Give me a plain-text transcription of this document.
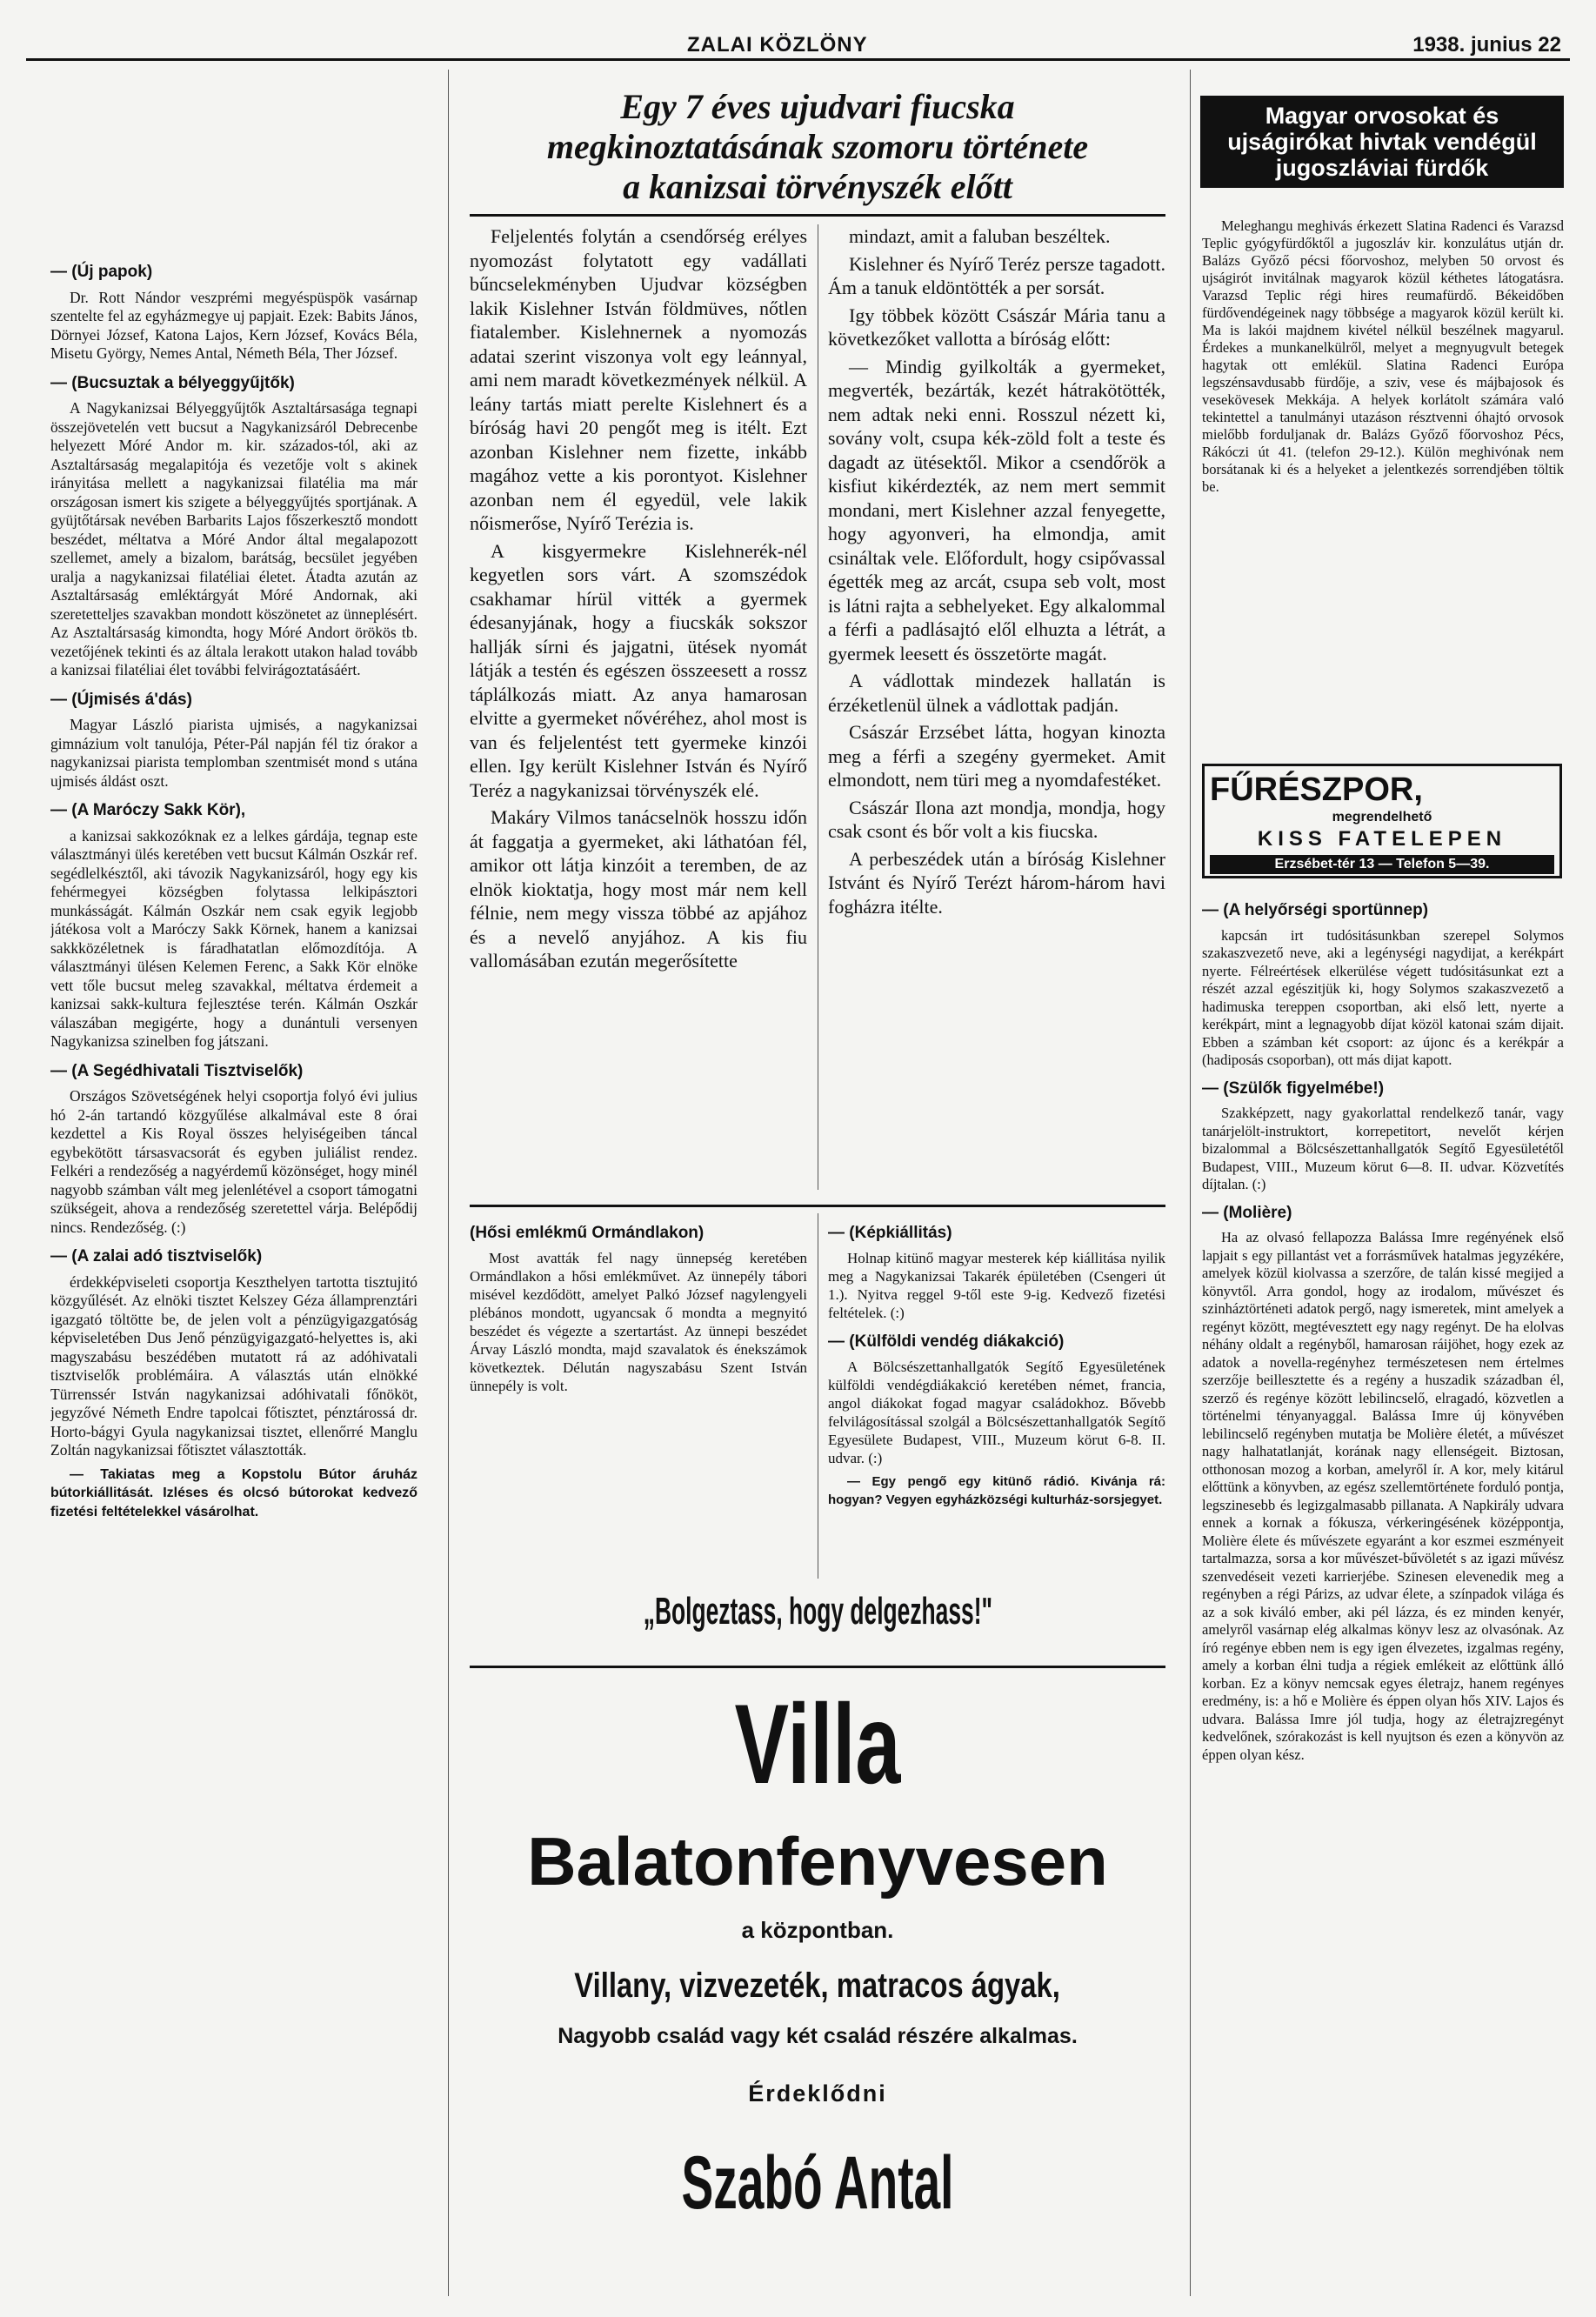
ZALAI KÖZLÖNY	1938. junius 22
— (Új papok)

Dr. Rott Nándor veszprémi megyéspüspök vasárnap szentelte fel az egyházmegye uj papjait. Ezek: Babits János, Dörnyei József, Katona Lajos, Kern József, Kovács Béla, Misetu György, Nemes Antal, Németh Béla, Ther József.

— (Bucsuztak a bélyeggyűjtők)

A Nagykanizsai Bélyeggyűjtők Asztaltársasága tegnapi összejövetelén vett bucsut a Nagykanizsáról Debrecenbe helyezett Móré Andor m. kir. százados-tól, aki az Asztaltársaság megalapitója és vezetője volt s akinek irányitása mellett a nagykanizsai filatélia ma már országosan ismert kis szigete a bélyeggyűjtés sportjának. A gyüjtőtársak nevében Barbarits Lajos főszerkesztő mondott beszédet, méltatva a Móré Andor által megalapozott szellemet, amely a bizalom, barátság, becsület jegyében uralja a nagykanizsai filatéliai életet. Átadta azután az Asztaltársaság emléktárgyát Móré Andornak, aki szeretetteljes szavakban mondott köszönetet az ünneplésért. Az Asztaltársaság kimondta, hogy Móré Andort örökös tb. vezetőjének tekinti és az általa lerakott utakon halad tovább a kanizsai filatéliai élet további felvirágoztatásáért.

— (Újmisés á'dás)

Magyar László piarista ujmisés, a nagykanizsai gimnázium volt tanulója, Péter-Pál napján fél tiz órakor a nagykanizsai piarista templomban szentmisét mond s utána ujmisés áldást oszt.

— (A Maróczy Sakk Kör),

a kanizsai sakkozóknak ez a lelkes gárdája, tegnap este választmányi ülés keretében vett bucsut Kálmán Oszkár ref. segédlelkésztől, aki távozik Nagykanizsáról, hogy egy kis fehérmegyei községben folytassa lelkipásztori munkásságát. Kálmán Oszkár nem csak egyik legjobb játékosa volt a Maróczy Sakk Körnek, hanem a kanizsai sakkközéletnek is fáradhatatlan előmozdítója. A választmányi ülésen Kelemen Ferenc, a Sakk Kör elnöke vett tőle bucsut meleg szavakkal, méltatva érdemeit a kanizsai sakk-kultura fejlesztése terén. Kálmán Oszkár válaszában megigérte, hogy a dunántuli versenyen Nagykanizsa szinelben fog játszani.

— (A Segédhivatali Tisztviselők)

Országos Szövetségének helyi csoportja folyó évi julius hó 2-án tartandó közgyűlése alkalmával este 8 órai kezdettel a Kis Royal összes helyiségeiben táncal egybekötött társasvacsorát és egyben juliálist rendez. Felkéri a rendezőség a nagyérdemű közönséget, hogy minél nagyobb számban vált meg jelenlétével a csoport támogatni szükségeit, ahova a rendezőség szeretettel várja. Belépődij nincs. Rendezőség. (:)

— (A zalai adó tisztviselők)

érdekképviseleti csoportja Keszthelyen tartotta tisztujitó közgyűlését. Az elnöki tisztet Kelszey Géza államprenztári igazgató töltötte be, de jelen volt a pénzügyigazgatóság képviseletében Dus Jenő pénzügyigazgató-helyettes is, aki magyszabásu beszédében mutatott rá az adóhivatali tisztviselők problémáira. A választás után elnökké Türrenssér István nagykanizsai adóhivatali főnököt, jegyzővé Németh Endre tapolcai főtisztet, pénztárossá dr. Horto-bágyi Gyula nagykanizsai tisztet, ellenőrré Manglu Zoltán nagykanizsai főtisztet választották.

— Takiatas meg a Kopstolu Bútor áruház bútorkiállitását. Izléses és olcsó bútorokat kedvező fizetési feltételekkel vásárolhat.

Egy 7 éves ujudvari fiucska
megkinoztatásának szomoru története
a kanizsai törvényszék előtt

Feljelentés folytán a csendőrség erélyes nyomozást folytatott egy vadállati bűncselekményben Ujudvar községben lakik Kislehner István földmüves, nőtlen fiatalember. Kislehnernek a nyomozás adatai szerint viszonya volt egy leánnyal, ami nem maradt következmények nélkül. A leány tartás miatt perelte Kislehnert és a bíróság havi 20 pengőt meg is itélt. Ezt azonban Kislehner nem fizette, inkább magához vette a kis porontyot. Kislehner azonban nem él egyedül, vele lakik nőismerőse, Nyírő Terézia is.

A kisgyermekre Kislehnerék-nél kegyetlen sors várt. A szomszédok csakhamar hírül vitték a gyermek édesanyjának, hogy a fiucskák sokszor hallják sírni és jajgatni, ütések nyomát látják a testén és egészen összeesett a rossz táplálkozás miatt. Az anya hamarosan elvitte a gyermeket nővéréhez, ahol most is van és feljelentést tett gyermeke kinzói ellen. Igy került Kislehner István és Nyírő Teréz a nagykanizsai törvényszék elé.

Makáry Vilmos tanácselnök hosszu időn át faggatja a gyermeket, aki láthatóan fél, amikor ott látja kinzóit a teremben, de az elnök kioktatja, hogy most már nem kell félnie, nem megy vissza többé az apjához és a nevelő anyjához. A kis fiu vallomásában ezután megerősítette

mindazt, amit a faluban beszéltek.

Kislehner és Nyírő Teréz persze tagadott. Ám a tanuk eldöntötték a per sorsát.

Igy többek között Császár Mária tanu a következőket vallotta a bíróság előtt:

— Mindig gyilkolták a gyermeket, megverték, bezárták, kezét hátrakötötték, nem adtak neki enni. Rosszul nézett ki, sovány volt, csupa kék-zöld folt a teste és dagadt az ütésektől. Mikor a csendőrök a kisfiut kikérdezték, az nem mert semmit mondani, mert Kislehner azzal fenyegette, hogy agyonveri, ha elmondja, amit csináltak vele. Előfordult, hogy csipővassal égették meg az arcát, csupa seb volt, most is látni rajta a sebhelyeket. Egy alkalommal a férfi a padlásajtó elől elhuzta a létrát, a gyermek leesett és összetörte magát.

A vádlottak mindezek hallatán is érzéketlenül ülnek a vádlottak padján.

Császár Erzsébet látta, hogyan kinozta meg a férfi a szegény gyermeket. Amit elmondott, nem türi meg a nyomdafestéket.

Császár Ilona azt mondja, mondja, hogy csak csont és bőr volt a kis fiucska.

A perbeszédek után a bíróság Kislehner Istvánt és Nyírő Terézt három-három havi fogházra itélte.

(Hősi emlékmű Ormándlakon)

Most avatták fel nagy ünnepség keretében Ormándlakon a hősi emlékművet. Az ünnepély tábori misével kezdődött, amelyet Palkó József nagylengyeli plébános mondott, ugyancsak ő mondta a megnyitó beszédet és végezte a szertartást. Az ünnepi beszédet Árvay László mondta, majd szavalatok és énekszámok következtek. Délután nagyszabásu Szent István ünnepély is volt.

— (Képkiállitás)

Holnap kitünő magyar mesterek kép kiállitása nyilik meg a Nagykanizsai Takarék épületében (Csengeri út 1.). Nyitva reggel 9-től este 9-ig. Kedvező fizetési feltételek. (:)

— (Külföldi vendég diákakció)

A Bölcsészettanhallgatók Segítő Egyesületének külföldi vendégdiákakció keretében német, francia, angol diákokat fogad magyar családokhoz. Bővebb felvilágosítással szolgál a Bölcsészettanhallgatók Segítő Egyesülete Budapest, VIII., Muzeum körut 6-8. II. udvar. (:)

— Egy pengő egy kitünő rádió. Kivánja rá: hogyan? Vegyen egyházközségi kulturház-sorsjegyet.

„Bolgeztass, hogy delgezhass!"
Villa
Balatonfenyvesen
a központban.
Villany, vizvezeték, matracos ágyak,
Nagyobb család vagy két család részére alkalmas.
Érdeklődni
Szabó Antal
Magyar orvosokat és ujságirókat hivtak vendégül jugoszláviai fürdők

Meleghangu meghivás érkezett Slatina Radenci és Varazsd Teplic gyógyfürdőktől a jugoszláv kir. konzulátus utján dr. Balázs Győző pécsi főorvoshoz, melyben 50 orvost és ujságirót invitálnak magyarok közül kéthetes látogatásra. Varazsd Teplic régi hires reumafürdő. Békeidőben fürdővendégeinek nagy többsége a magyarok közül került ki. Ma is lakói majdnem kivétel nélkül beszélnek magyarul. Érdekes a munkanelkülről, melyet a megnyugvult betegek hagytak ott emlékül. Slatina Radenci Európa legszénsavdusabb fürdője, a sziv, vese és májbajosok és vesekövesek Mekkája. A helyek korlátolt számára való tekintettel a tanulmányi utazáson résztvenni óhajtó orvosok mielőbb forduljanak dr. Balázs Győző főorvoshoz Pécs, Rákóczi út 41. (telefon 29-12.). Külön meghivónak nem borsátanak ki és a helyeket a jelentkezés sorrendjében töltik be.

FŰRÉSZPOR,
megrendelhető
KISS FATELEPEN
Erzsébet-tér 13 — Telefon 5—39.
— (A helyőrségi sportünnep)

kapcsán irt tudósitásunkban szerepel Solymos szakaszvezető neve, aki a legénységi nagydijat, a kerékpárt nyerte. Félreértések elkerülése végett tudósitásunkat ezt a részét azzal egészitjük ki, hogy Solymos szakaszvezető a hadimuska tereppen csoportban, aki első lett, nyerte a kerékpárt, mint a legnagyobb díjat közöl katonai szám dijait. Ebben a számban két csoport: az újonc és a kerékpár a (hadiposás csoporban), ott más dijat kapott.

— (Szülők figyelmébe!)

Szakképzett, nagy gyakorlattal rendelkező tanár, vagy tanárjelölt-instruktort, korrepetitort, nevelőt kérjen bizalommal a Bölcsészettanhallgatók Segítő Egyesületétől Budapest, VIII., Muzeum körut 6—8. II. udvar. Közvetítés díjtalan. (:)

— (Molière)

Ha az olvasó fellapozza Balássa Imre regényének első lapjait s egy pillantást vet a forrásművek hatalmas jegyzékére, amelyek közül kiolvassa a szerzőre, de talán kissé megijed a könyvtől. Arra gondol, hogy az irodalom, művészet és szinháztörténeti adatok pergő, nagy ismeretek, mint amelyek a regényt között, megtévesztett egy nagy regényt. De ha elolvas néhány oldalt a regényből, hamarosan ráijöhet, hogy ezek az adatok a novella-regényhez természetesen nem értelmes szerzője beillesztette és a regény a huszadik században él, szerző és regénye között lebilincselő, elragadó, közvetlen a történelmi tényanyaggal. Balássa Imre új könyvében lebilincselő regényben mutatja be Molière életét, a művészet nagy halhatatlanját, korának nagy ellenségeit. Biztosan, otthonosan mozog a korban, amelyről ír. A kor, mely kitárul előttünk a könyvben, az egész szellemtörténete forduló pontja, legszinesebb és legizgalmasabb pillanata. A Napkirály udvara ennek a kornak a fókusza, vérkeringésének középpontja, Molière élete és művészete egyaránt a kor eszmei eszményeit tartalmazza, sorsa a kor művészet-bűvöletét s az igazi művész szenvedéseit vezeti karrierjébe. Szinesen elevenedik meg a regényben a régi Párizs, az udvar élete, a színpadok világa és az a sok kiváló ember, aki pél lázza, és ez minden kenyér, amelyről vasárnap elég alkalmas könyv lesz az olvasónak. Az író regénye ebben nem is egy igen élvezetes, izgalmas regény, amely a korban élni tudja a régiek emlékeit az előttünk álló korban. Ez a könyv nemcsak egyes életrajz, hanem regényes eredmény, is: a hő e Molière és éppen olyan hős XIV. Lajos és udvara. Balássa Imre jól tudja, hogy az életrajzregényt kedvelőnek, szórakozást is kell nyujtson és ezen a könyvön az éppen olyan kész.
